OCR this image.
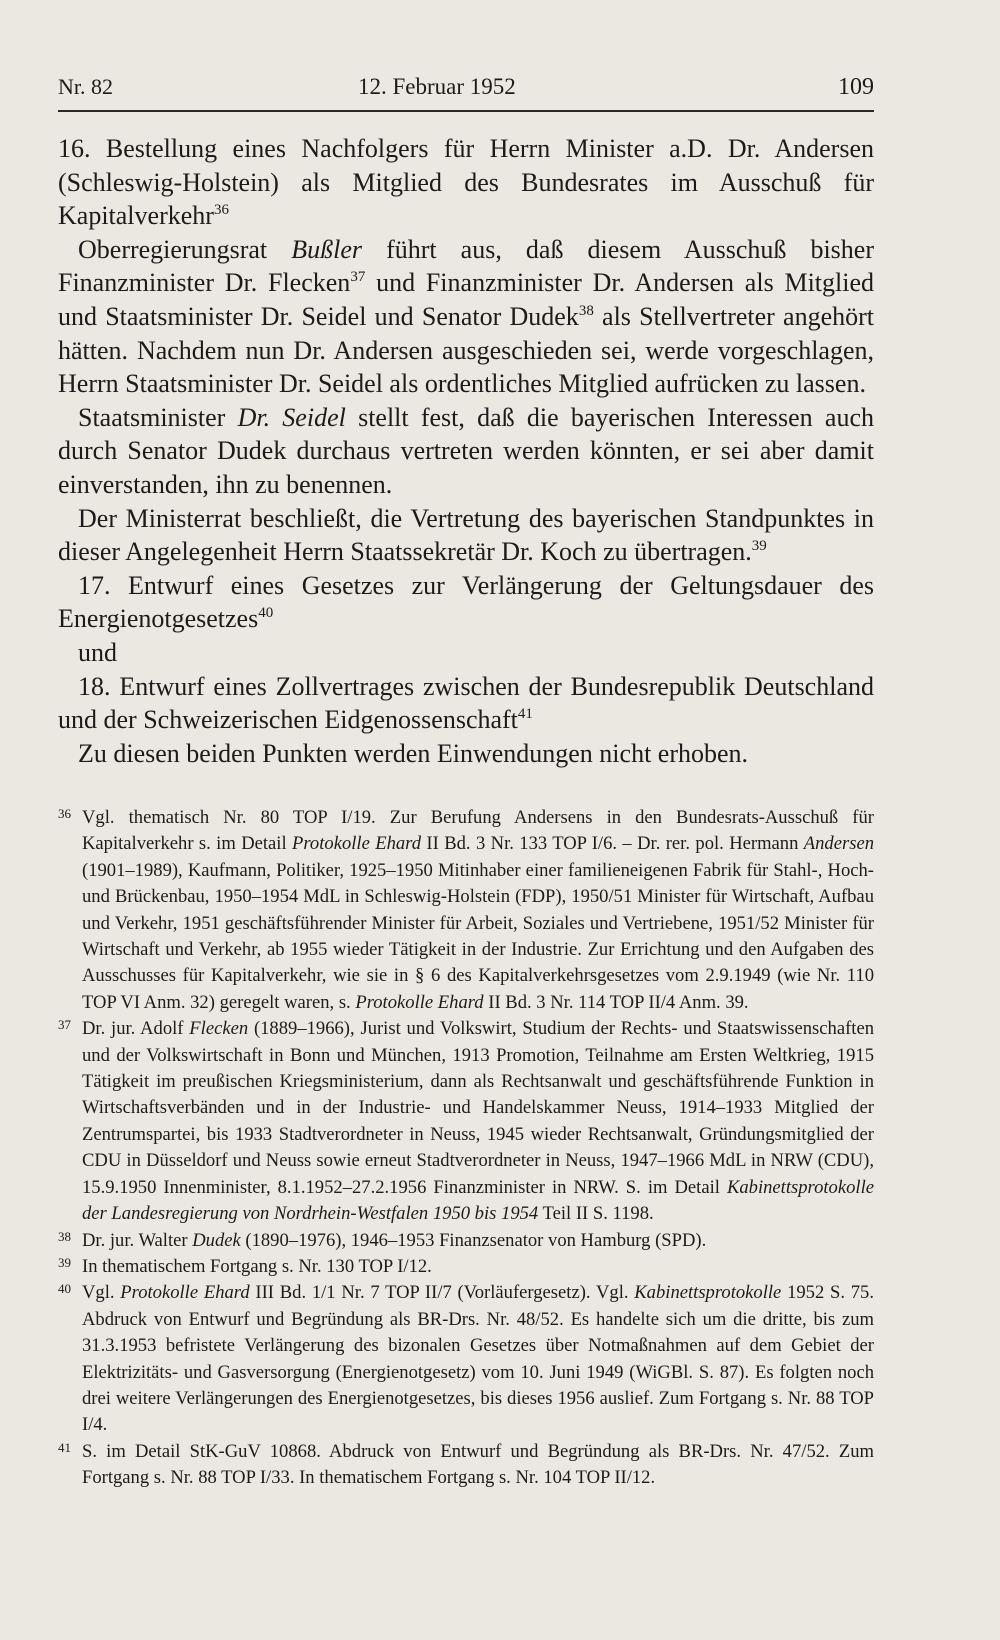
Nr. 82	12. Februar 1952	109

16. Bestellung eines Nachfolgers für Herrn Minister a.D. Dr. Andersen (Schleswig-Holstein) als Mitglied des Bundesrates im Ausschuß für Kapitalverkehr$^{36}$

Oberregierungsrat Bußler führt aus, daß diesem Ausschuß bisher Finanzminister Dr. Flecken$^{37}$ und Finanzminister Dr. Andersen als Mitglied und Staatsminister Dr. Seidel und Senator Dudek$^{38}$ als Stellvertreter angehört hätten. Nachdem nun Dr. Andersen ausgeschieden sei, werde vorgeschlagen, Herrn Staatsminister Dr. Seidel als ordentliches Mitglied aufrücken zu lassen.

Staatsminister Dr. Seidel stellt fest, daß die bayerischen Interessen auch durch Senator Dudek durchaus vertreten werden könnten, er sei aber damit einverstanden, ihn zu benennen.

Der Ministerrat beschließt, die Vertretung des bayerischen Standpunktes in dieser Angelegenheit Herrn Staatssekretär Dr. Koch zu übertragen.$^{39}$

17. Entwurf eines Gesetzes zur Verlängerung der Geltungsdauer des Energienotgesetzes$^{40}$

und

18. Entwurf eines Zollvertrages zwischen der Bundesrepublik Deutschland und der Schweizerischen Eidgenossenschaft$^{41}$

Zu diesen beiden Punkten werden Einwendungen nicht erhoben.

36 Vgl. thematisch Nr. 80 TOP I/19. Zur Berufung Andersens in den Bundesrats-Ausschuß für Kapitalverkehr s. im Detail Protokolle Ehard II Bd. 3 Nr. 133 TOP I/6. – Dr. rer. pol. Hermann Andersen (1901–1989), Kaufmann, Politiker, 1925–1950 Mitinhaber einer familieneigenen Fabrik für Stahl-, Hoch- und Brückenbau, 1950–1954 MdL in Schleswig-Holstein (FDP), 1950/51 Minister für Wirtschaft, Aufbau und Verkehr, 1951 geschäftsführender Minister für Arbeit, Soziales und Vertriebene, 1951/52 Minister für Wirtschaft und Verkehr, ab 1955 wieder Tätigkeit in der Industrie. Zur Errichtung und den Aufgaben des Ausschusses für Kapitalverkehr, wie sie in § 6 des Kapitalverkehrsgesetzes vom 2.9.1949 (wie Nr. 110 TOP VI Anm. 32) geregelt waren, s. Protokolle Ehard II Bd. 3 Nr. 114 TOP II/4 Anm. 39.

37 Dr. jur. Adolf Flecken (1889–1966), Jurist und Volkswirt, Studium der Rechts- und Staatswissenschaften und der Volkswirtschaft in Bonn und München, 1913 Promotion, Teilnahme am Ersten Weltkrieg, 1915 Tätigkeit im preußischen Kriegsministerium, dann als Rechtsanwalt und geschäftsführende Funktion in Wirtschaftsverbänden und in der Industrie- und Handelskammer Neuss, 1914–1933 Mitglied der Zentrumspartei, bis 1933 Stadtverordneter in Neuss, 1945 wieder Rechtsanwalt, Gründungsmitglied der CDU in Düsseldorf und Neuss sowie erneut Stadtverordneter in Neuss, 1947–1966 MdL in NRW (CDU), 15.9.1950 Innenminister, 8.1.1952–27.2.1956 Finanzminister in NRW. S. im Detail Kabinettsprotokolle der Landesregierung von Nordrhein-Westfalen 1950 bis 1954 Teil II S. 1198.

38 Dr. jur. Walter Dudek (1890–1976), 1946–1953 Finanzsenator von Hamburg (SPD).

39 In thematischem Fortgang s. Nr. 130 TOP I/12.

40 Vgl. Protokolle Ehard III Bd. 1/1 Nr. 7 TOP II/7 (Vorläufergesetz). Vgl. Kabinettsprotokolle 1952 S. 75. Abdruck von Entwurf und Begründung als BR-Drs. Nr. 48/52. Es handelte sich um die dritte, bis zum 31.3.1953 befristete Verlängerung des bizonalen Gesetzes über Notmaßnahmen auf dem Gebiet der Elektrizitäts- und Gasversorgung (Energienotgesetz) vom 10. Juni 1949 (WiGBl. S. 87). Es folgten noch drei weitere Verlängerungen des Energienotgesetzes, bis dieses 1956 auslief. Zum Fortgang s. Nr. 88 TOP I/4.

41 S. im Detail StK-GuV 10868. Abdruck von Entwurf und Begründung als BR-Drs. Nr. 47/52. Zum Fortgang s. Nr. 88 TOP I/33. In thematischem Fortgang s. Nr. 104 TOP II/12.
